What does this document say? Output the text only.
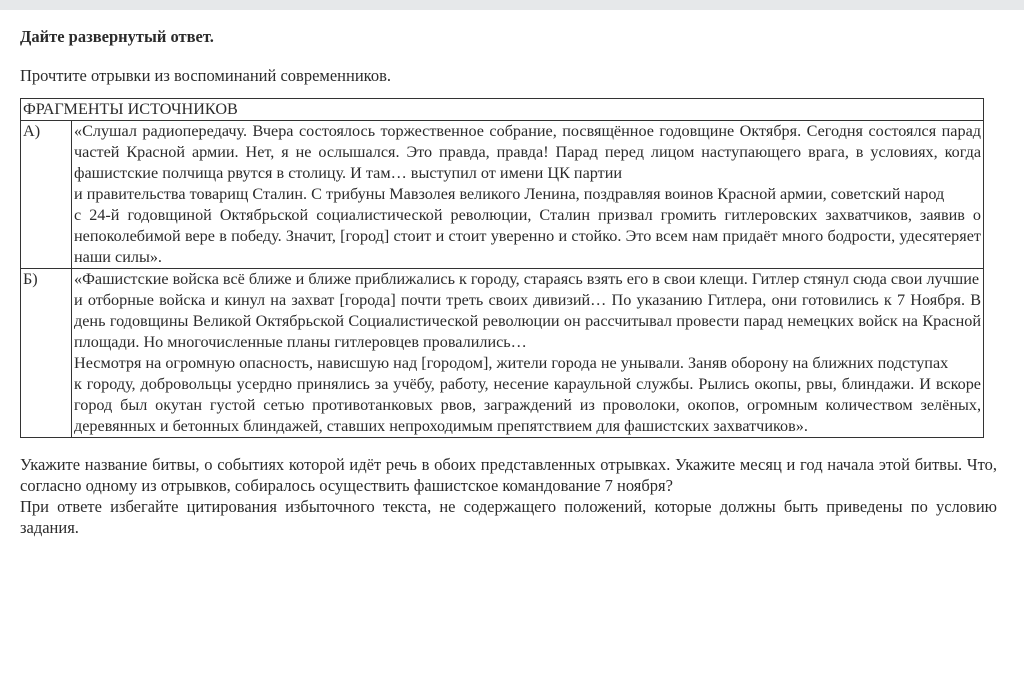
Дайте развернутый ответ.

Прочтите отрывки из воспоминаний современников.

ФРАГМЕНТЫ ИСТОЧНИКОВ	
А)	«Слушал радиопередачу. Вчера состоялось торжественное собрание, посвящённое годовщине Октября. Сегодня состоялся парад частей Красной армии. Нет, я не ослышался. Это правда, правда! Парад перед лицом наступающего врага, в условиях, когда фашистские полчища рвутся в столицу. И там… выступил от имени ЦК партии
и правительства товарищ Сталин. С трибуны Мавзолея великого Ленина, поздравляя воинов Красной армии, советский народ
с 24-й годовщиной Октябрьской социалистической революции, Сталин призвал громить гитлеровских захватчиков, заявив о непоколебимой вере в победу. Значит, [город] стоит и стоит уверенно и стойко. Это всем нам придаёт много бодрости, удесятеряет наши силы».

Б)	«Фашистские войска всё ближе и ближе приближались к городу, стараясь взять его в свои клещи. Гитлер стянул сюда свои лучшие
и отборные войска и кинул на захват [города] почти треть своих дивизий… По указанию Гитлера, они готовились к 7 Ноября. В день годовщины Великой Октябрьской Социалистической революции он рассчитывал провести парад немецких войск на Красной площади. Но многочисленные планы гитлеровцев провалились…
Несмотря на огромную опасность, нависшую над [городом], жители города не унывали. Заняв оборону на ближних подступах
к городу, добровольцы усердно принялись за учёбу, работу, несение караульной службы. Рылись окопы, рвы, блиндажи. И вскоре город был окутан густой сетью противотанковых рвов, заграждений из проволоки, окопов, огромным количеством зелёных, деревянных и бетонных блиндажей, ставших непроходимым препятствием для фашистских захватчиков».

Укажите название битвы, о событиях которой идёт речь в обоих представленных отрывках. Укажите месяц и год начала этой битвы. Что, согласно одному из отрывков, собиралось осуществить фашистское командование 7 ноября?

При ответе избегайте цитирования избыточного текста, не содержащего положений, которые должны быть приведены по условию задания.
